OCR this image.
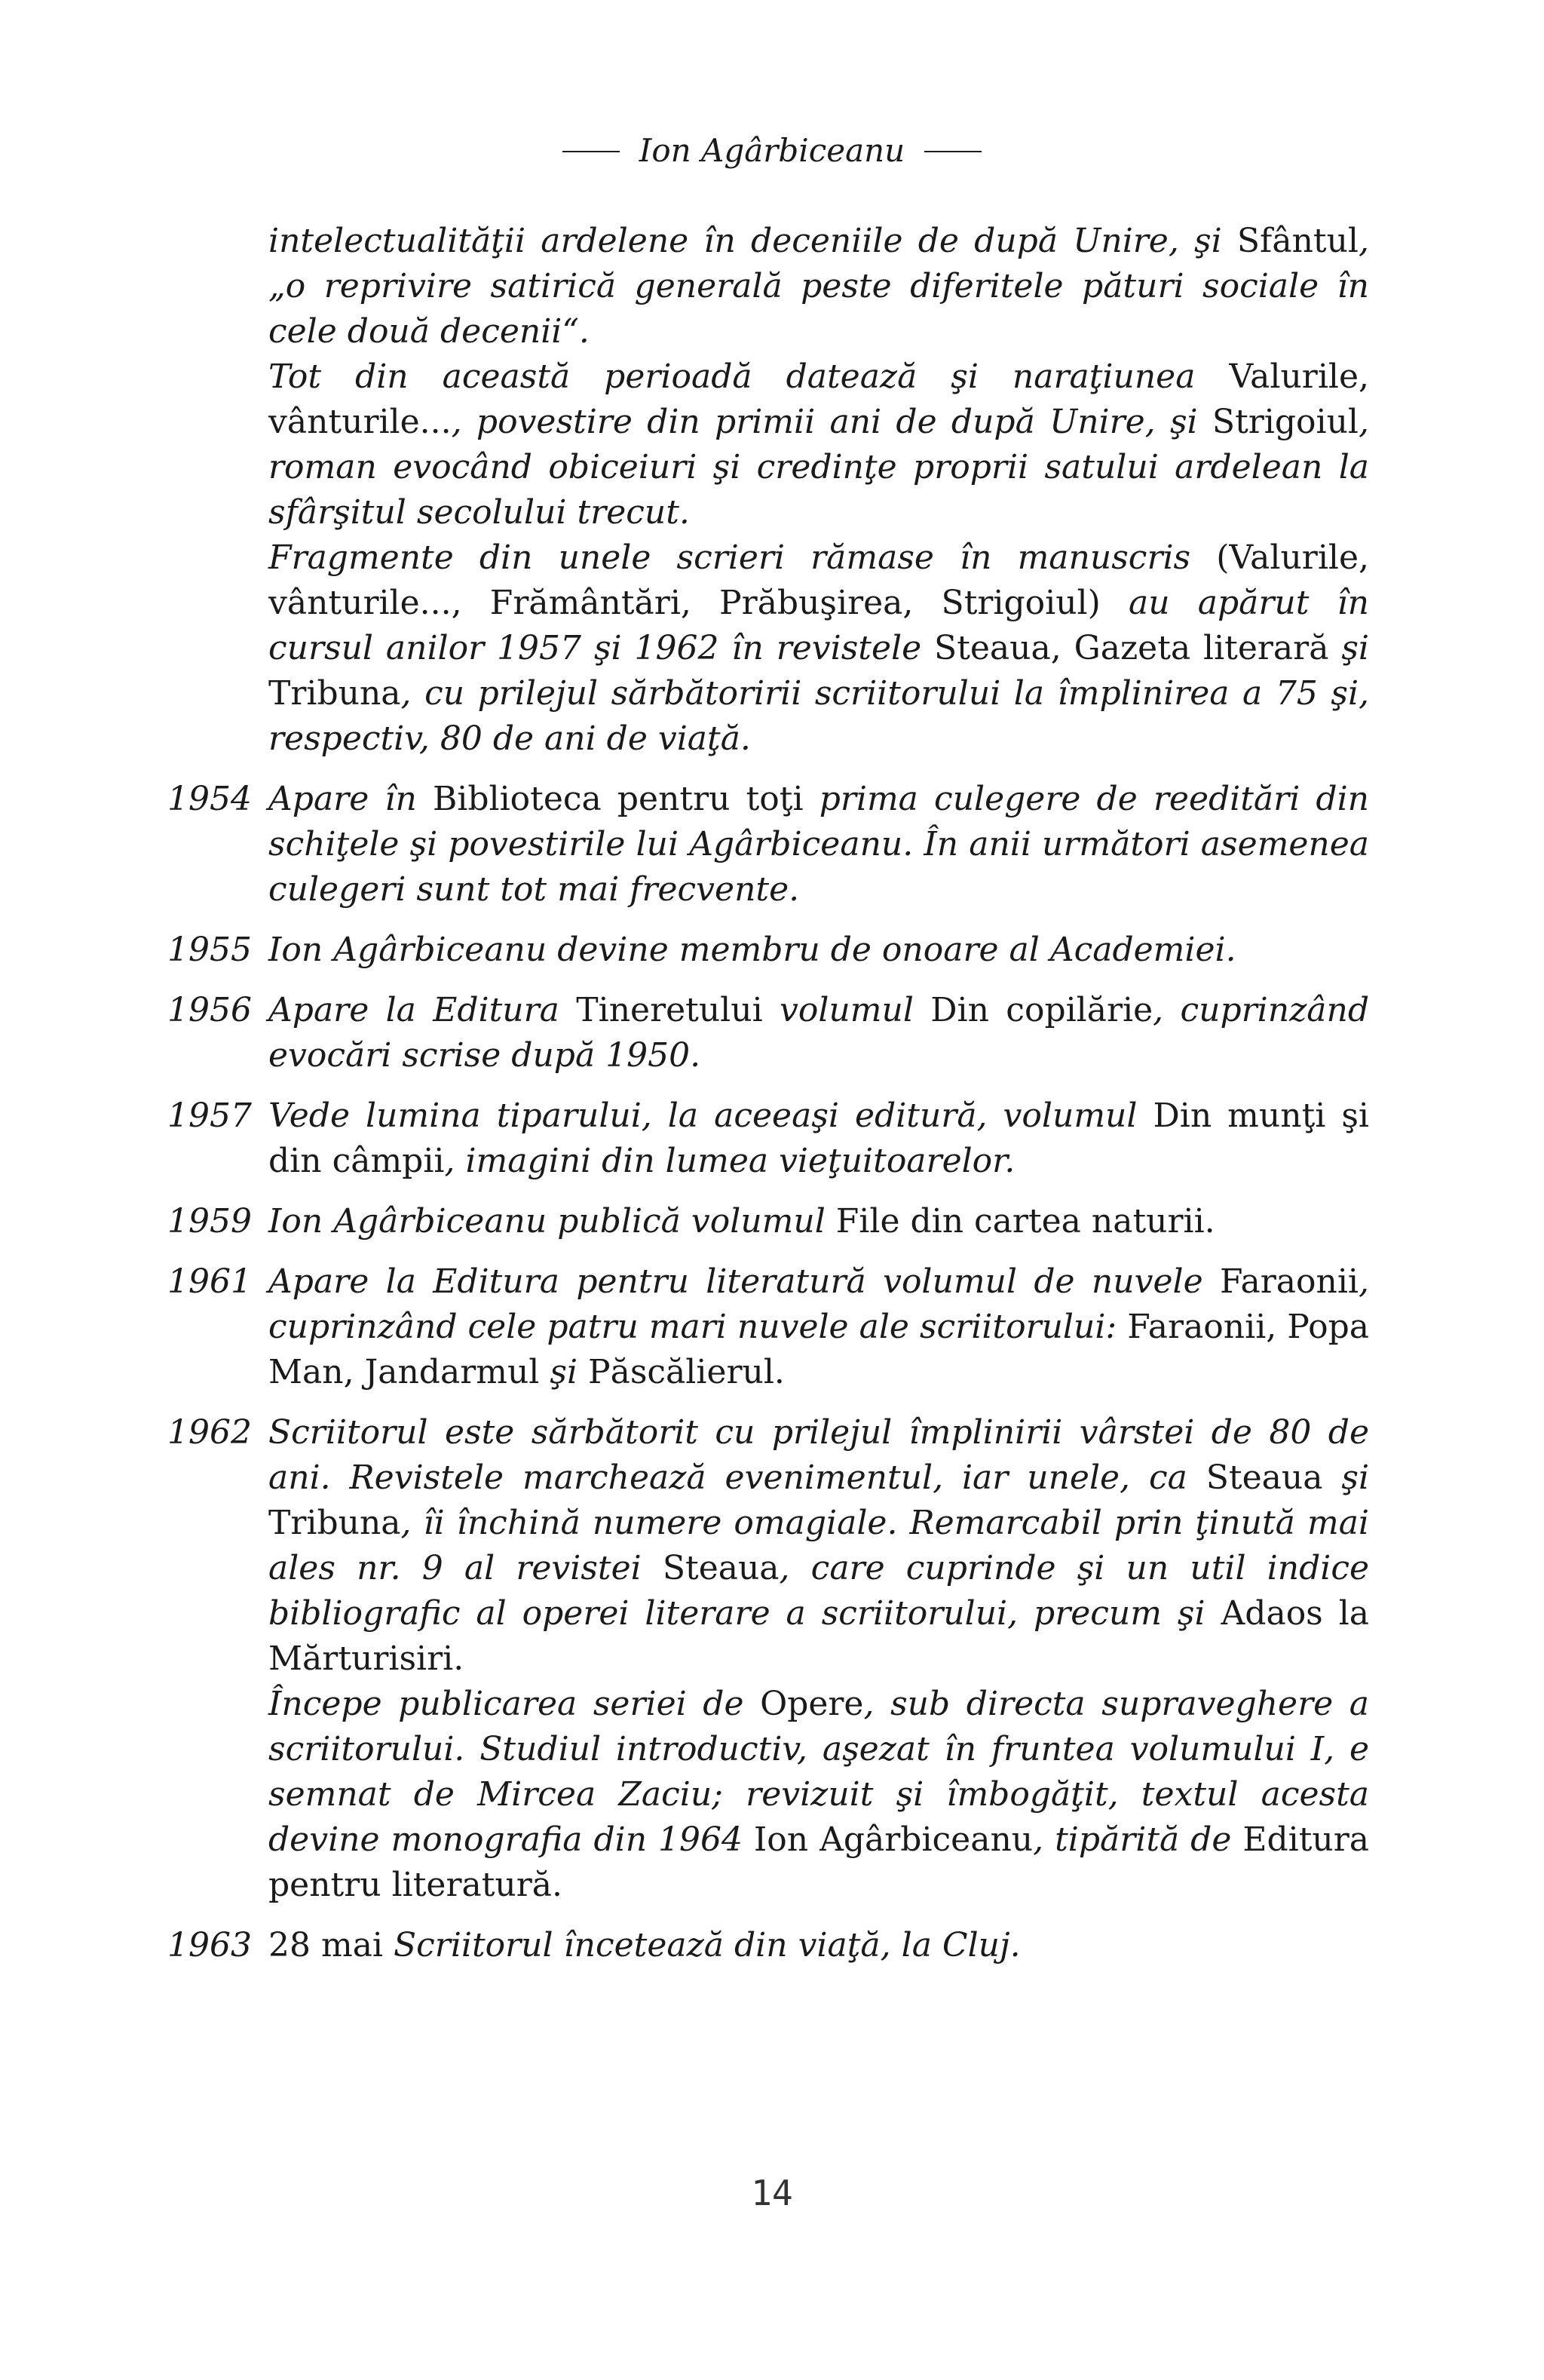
Ion Agârbiceanu

intelectualităţii ardelene în deceniile de după Unire, şi Sfântul, „o reprivire satirică generală peste diferitele pături sociale în cele două decenii“.

Tot din această perioadă datează şi naraţiunea Valurile, vânturile..., povestire din primii ani de după Unire, şi Strigoiul, roman evocând obiceiuri şi credinţe proprii satului ardelean la sfârşitul secolului trecut.

Fragmente din unele scrieri rămase în manuscris (Valurile, vânturile..., Frământări, Prăbuşirea, Strigoiul) au apărut în cursul anilor 1957 şi 1962 în revistele Steaua, Gazeta literară şi Tribuna, cu prilejul sărbătoririi scriitorului la împlinirea a 75 şi, respectiv, 80 de ani de viaţă.

1954 Apare în Biblioteca pentru toţi prima culegere de reeditări din schiţele şi povestirile lui Agârbiceanu. În anii următori asemenea culegeri sunt tot mai frecvente.

1955 Ion Agârbiceanu devine membru de onoare al Academiei.

1956 Apare la Editura Tineretului volumul Din copilărie, cuprinzând evocări scrise după 1950.

1957 Vede lumina tiparului, la aceeaşi editură, volumul Din munţi şi din câmpii, imagini din lumea vieţuitoarelor.

1959 Ion Agârbiceanu publică volumul File din cartea naturii.

1961 Apare la Editura pentru literatură volumul de nuvele Faraonii, cuprinzând cele patru mari nuvele ale scriitorului: Faraonii, Popa Man, Jandarmul şi Păscălierul.

1962 Scriitorul este sărbătorit cu prilejul împlinirii vârstei de 80 de ani. Revistele marchează evenimentul, iar unele, ca Steaua şi Tribuna, îi închină numere omagiale. Remarcabil prin ţinută mai ales nr. 9 al revistei Steaua, care cuprinde şi un util indice bibliografic al operei literare a scriitorului, precum şi Adaos la Mărturisiri.

Începe publicarea seriei de Opere, sub directa supraveghere a scriitorului. Studiul introductiv, aşezat în fruntea volumului I, e semnat de Mircea Zaciu; revizuit şi îmbogăţit, textul acesta devine monografia din 1964 Ion Agârbiceanu, tipărită de Editura pentru literatură.

1963 28 mai Scriitorul încetează din viaţă, la Cluj.

14
